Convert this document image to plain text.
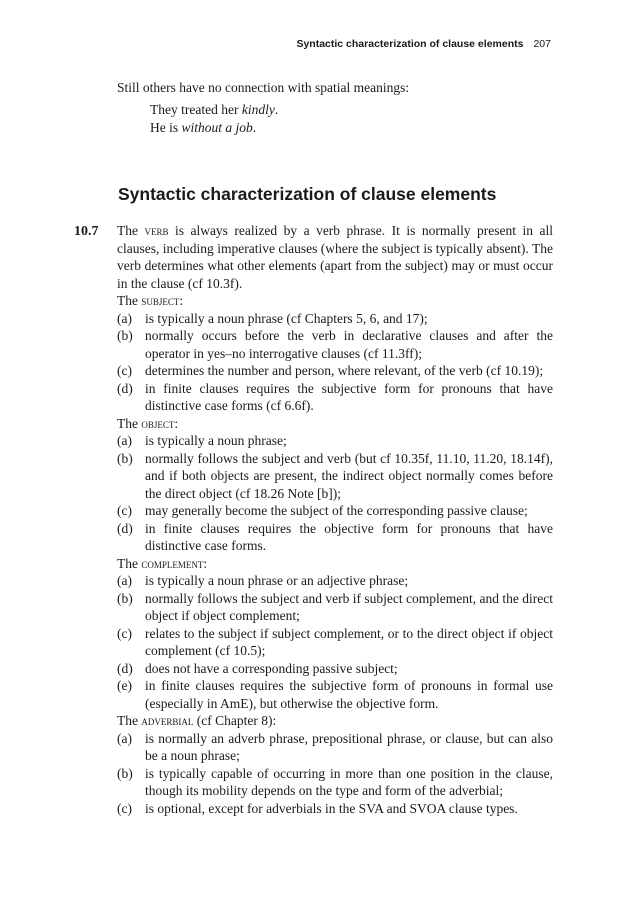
Syntactic characterization of clause elements 207
Still others have no connection with spatial meanings:
They treated her kindly.
He is without a job.
Syntactic characterization of clause elements
10.7 The verb is always realized by a verb phrase. It is normally present in all clauses, including imperative clauses (where the subject is typically absent). The verb determines what other elements (apart from the subject) may or must occur in the clause (cf 10.3f).

The subject:
(a) is typically a noun phrase (cf Chapters 5, 6, and 17);
(b) normally occurs before the verb in declarative clauses and after the operator in yes–no interrogative clauses (cf 11.3ff);
(c) determines the number and person, where relevant, of the verb (cf 10.19);
(d) in finite clauses requires the subjective form for pronouns that have distinctive case forms (cf 6.6f).
The object:
(a) is typically a noun phrase;
(b) normally follows the subject and verb (but cf 10.35f, 11.10, 11.20, 18.14f), and if both objects are present, the indirect object normally comes before the direct object (cf 18.26 Note [b]);
(c) may generally become the subject of the corresponding passive clause;
(d) in finite clauses requires the objective form for pronouns that have distinctive case forms.
The complement:
(a) is typically a noun phrase or an adjective phrase;
(b) normally follows the subject and verb if subject complement, and the direct object if object complement;
(c) relates to the subject if subject complement, or to the direct object if object complement (cf 10.5);
(d) does not have a corresponding passive subject;
(e) in finite clauses requires the subjective form of pronouns in formal use (especially in AmE), but otherwise the objective form.
The adverbial (cf Chapter 8):
(a) is normally an adverb phrase, prepositional phrase, or clause, but can also be a noun phrase;
(b) is typically capable of occurring in more than one position in the clause, though its mobility depends on the type and form of the adverbial;
(c) is optional, except for adverbials in the SVA and SVOA clause types.
